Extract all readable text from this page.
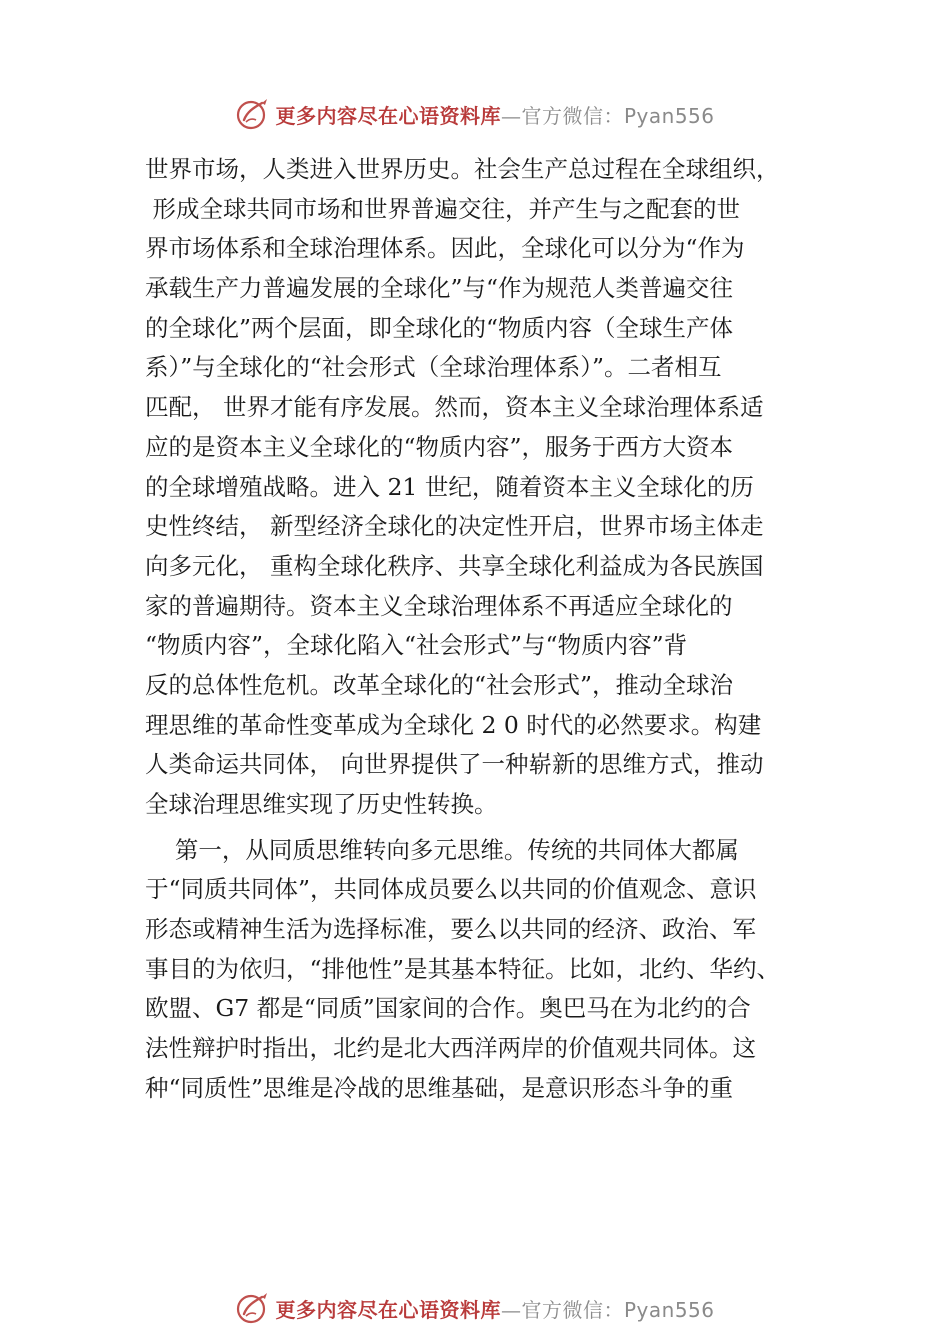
更多内容尽在心语资料库—官方微信：Pyan556
世界市场，人类进入世界历史。社会生产总过程在全球组织，
形成全球共同市场和世界普遍交往，并产生与之配套的世
界市场体系和全球治理体系。因此，全球化可以分为“作为
承载生产力普遍发展的全球化”与“作为规范人类普遍交往
的全球化”两个层面，即全球化的“物质内容（全球生产体
系）”与全球化的“社会形式（全球治理体系）”。二者相互
匹配， 世界才能有序发展。然而，资本主义全球治理体系适
应的是资本主义全球化的“物质内容”，服务于西方大资本
的全球增殖战略。进入 21 世纪，随着资本主义全球化的历
史性终结， 新型经济全球化的决定性开启，世界市场主体走
向多元化， 重构全球化秩序、共享全球化利益成为各民族国
家的普遍期待。资本主义全球治理体系不再适应全球化的
“物质内容”，全球化陷入“社会形式”与“物质内容”背
反的总体性危机。改革全球化的“社会形式”，推动全球治
理思维的革命性变革成为全球化 2 0 时代的必然要求。构建
人类命运共同体， 向世界提供了一种崭新的思维方式，推动
全球治理思维实现了历史性转换。
第一，从同质思维转向多元思维。传统的共同体大都属
于“同质共同体”，共同体成员要么以共同的价值观念、意识
形态或精神生活为选择标准，要么以共同的经济、政治、军
事目的为依归，“排他性”是其基本特征。比如，北约、华约、
欧盟、G7 都是“同质”国家间的合作。奥巴马在为北约的合
法性辩护时指出，北约是北大西洋两岸的价值观共同体。这
种“同质性”思维是冷战的思维基础，是意识形态斗争的重
更多内容尽在心语资料库—官方微信：Pyan556
